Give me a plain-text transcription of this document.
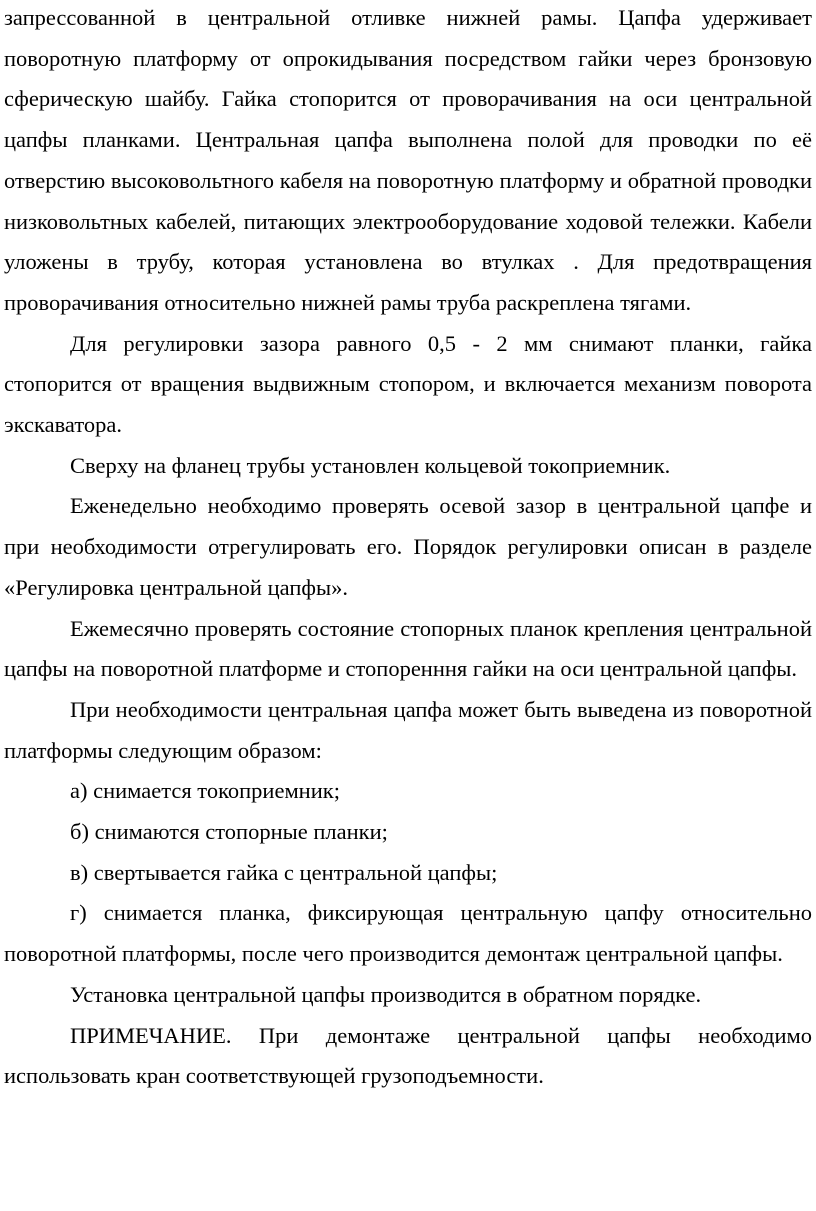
запрессованной в центральной отливке нижней рамы. Цапфа удерживает поворотную платформу от опрокидывания посредством гайки через бронзовую сферическую шайбу. Гайка стопорится от проворачивания на оси центральной цапфы планками. Центральная цапфа выполнена полой для проводки по её отверстию высоковольтного кабеля на поворотную платформу и обратной проводки низковольтных кабелей, питающих электрооборудование ходовой тележки. Кабели уложены в трубу, которая установлена во втулках . Для предотвращения проворачивания относительно нижней рамы труба раскреплена тягами.

Для регулировки зазора равного 0,5 - 2 мм снимают планки, гайка стопорится от вращения выдвижным стопором, и включается механизм поворота экскаватора.

Сверху на фланец трубы установлен кольцевой токоприемник.

Еженедельно необходимо проверять осевой зазор в центральной цапфе и при необходимости отрегулировать его. Порядок регулировки описан в разделе «Регулировка центральной цапфы».

Ежемесячно проверять состояние стопорных планок крепления центральной цапфы на поворотной платформе и стопоренння гайки на оси центральной цапфы.

При необходимости центральная цапфа может быть выведена из поворотной платформы следующим образом:

а) снимается токоприемник;

б) снимаются стопорные планки;

в) свертывается гайка с центральной цапфы;

г) снимается планка, фиксирующая центральную цапфу относительно поворотной платформы, после чего производится демонтаж центральной цапфы.

Установка центральной цапфы производится в обратном порядке.

ПРИМЕЧАНИЕ. При демонтаже центральной цапфы необходимо использовать кран соответствующей грузоподъемности.
